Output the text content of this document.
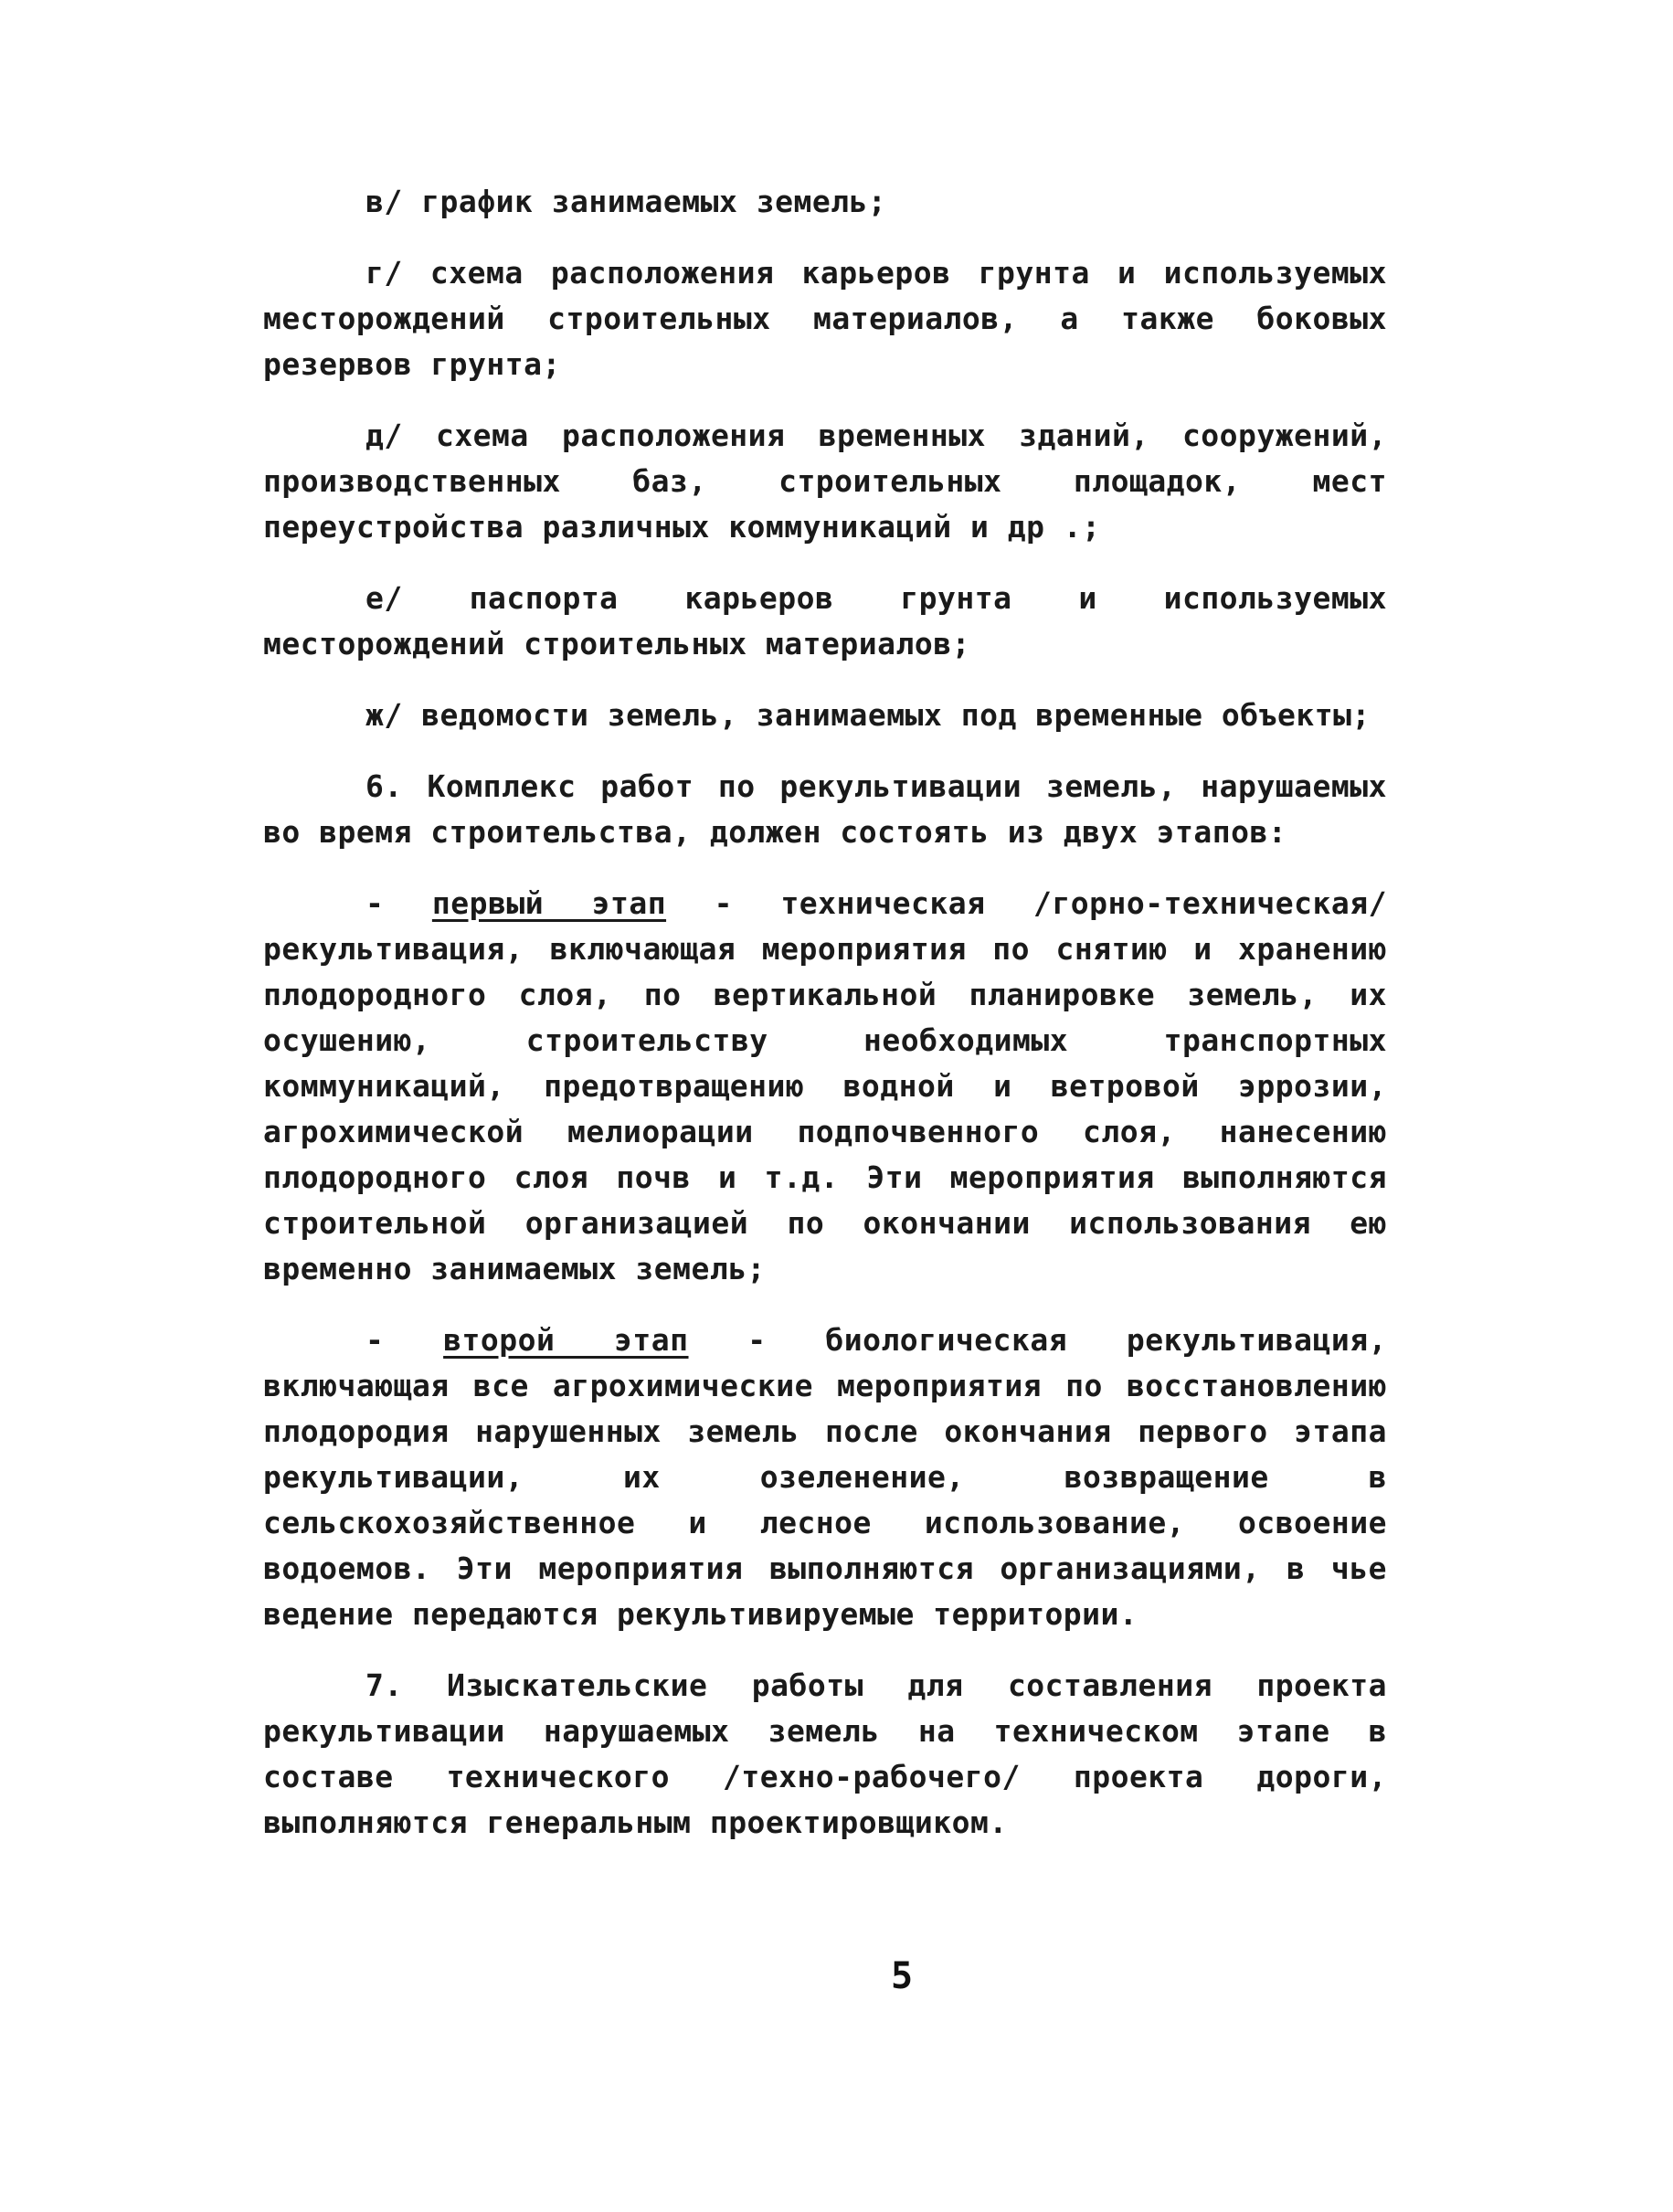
в/ график занимаемых земель;

г/ схема расположения карьеров грунта и используемых месторождений строительных материалов, а также боковых резервов грунта;

д/ схема расположения временных зданий, сооружений, производственных баз, строительных площадок, мест переустройства различных коммуникаций и др .;

е/ паспорта карьеров грунта и используемых месторождений строительных материалов;

ж/ ведомости земель, занимаемых под временные объекты;

6. Комплекс работ по рекультивации земель, нарушаемых во время строительства, должен состоять из двух этапов:

- первый этап - техническая /горно-техническая/ рекультивация, включающая мероприятия по снятию и хранению плодородного слоя, по вертикальной планировке земель, их осушению, строительству необходимых транспортных коммуникаций, предотвращению водной и ветровой эррозии, агрохимической мелиорации подпочвенного слоя, нанесению плодородного слоя почв и т.д. Эти мероприятия выполняются строительной организацией по окончании использования ею временно занимаемых земель;

- второй этап - биологическая рекультивация, включающая все агрохимические мероприятия по восстановлению плодородия нарушенных земель после окончания первого этапа рекультивации, их озеленение, возвращение в сельскохозяйственное и лесное использование, освоение водоемов. Эти мероприятия выполняются организациями, в чье ведение передаются рекультивируемые территории.

7. Изыскательские работы для составления проекта рекультивации нарушаемых земель на техническом этапе в составе технического /техно-рабочего/ проекта дороги, выполняются генеральным проектировщиком.

5
